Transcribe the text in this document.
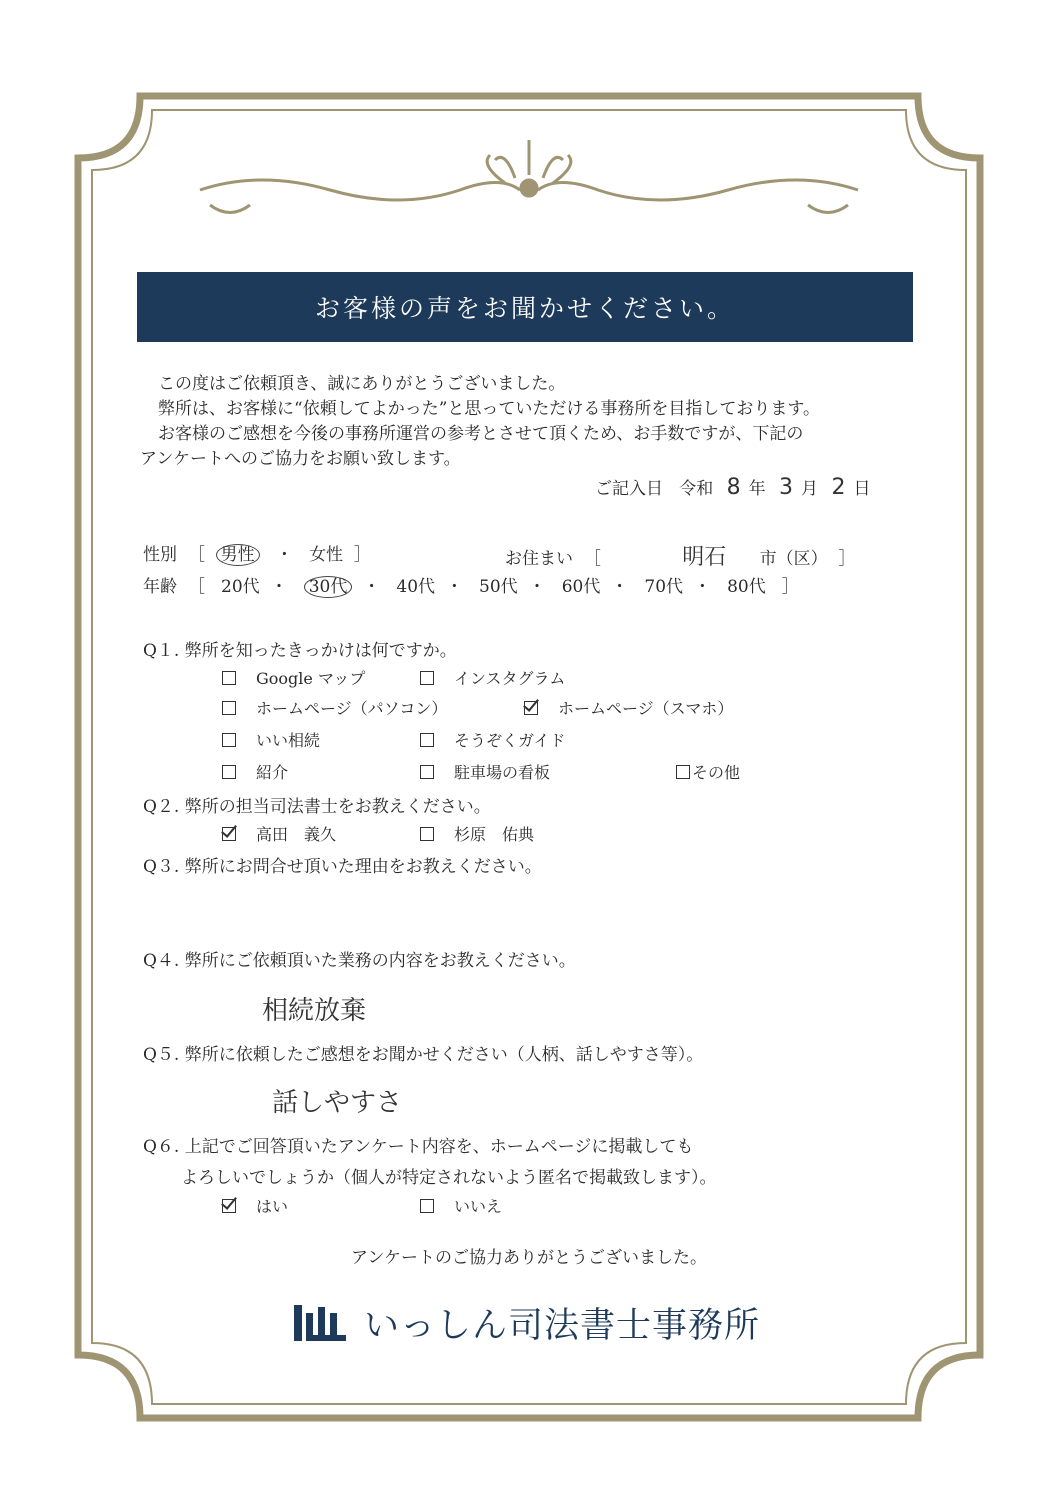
お客様の声をお聞かせください。
この度はご依頼頂き、誠にありがとうございました。
弊所は、お客様に“依頼してよかった”と思っていただける事務所を目指しております。
お客様のご感想を今後の事務所運営の参考とさせて頂くため、お手数ですが、下記の
アンケートへのご協力をお願い致します。
ご記入日 令和 8 年 3 月 2 日
性別 ［ 男性 ・ 女性 ］	お住まい ［	明石 市（区） ］
年齢 ［ 20代 ・ 30代 ・ 40代 ・ 50代 ・ 60代 ・ 70代 ・ 80代 ］
Q１. 弊所を知ったきっかけは何ですか。
Google マップ	インスタグラム
ホームページ（パソコン）	ホームページ（スマホ）
いい相続	そうぞくガイド
紹介	駐車場の看板	その他
Q２. 弊所の担当司法書士をお教えください。
高田　義久	杉原　佑典
Q３. 弊所にお問合せ頂いた理由をお教えください。
Q４. 弊所にご依頼頂いた業務の内容をお教えください。
相続放棄
Q５. 弊所に依頼したご感想をお聞かせください（人柄、話しやすさ等）。
話しやすさ
Q６. 上記でご回答頂いたアンケート内容を、ホームページに掲載しても
よろしいでしょうか（個人が特定されないよう匿名で掲載致します）。
はい	いいえ
アンケートのご協力ありがとうございました。
いっしん司法書士事務所
